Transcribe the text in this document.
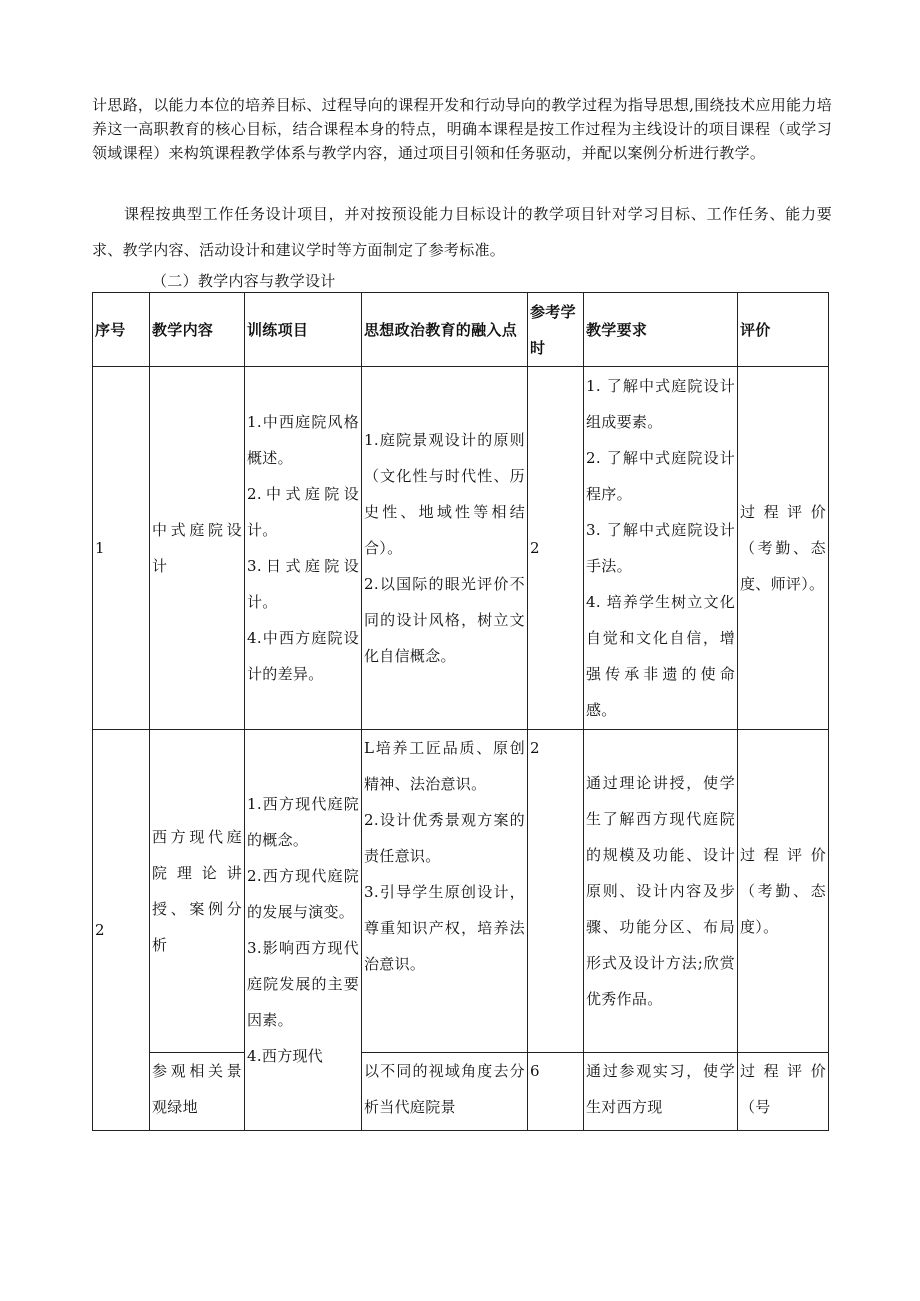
计思路，以能力本位的培养目标、过程导向的课程开发和行动导向的教学过程为指导思想,围绕技术应用能力培养这一高职教育的核心目标，结合课程本身的特点，明确本课程是按工作过程为主线设计的项目课程（或学习领域课程）来构筑课程教学体系与教学内容，通过项目引领和任务驱动，并配以案例分析进行教学。

课程按典型工作任务设计项目，并对按预设能力目标设计的教学项目针对学习目标、工作任务、能力要求、教学内容、活动设计和建议学时等方面制定了参考标准。

（二）教学内容与教学设计
序号	教学内容	训练项目	思想政治教育的融入点	参考学时	教学要求	评价

1	中式庭院设计	1.中西庭院风格概述。
2.中式庭院设计。
3.日式庭院设计。
4.中西方庭院设计的差异。	1.庭院景观设计的原则（文化性与时代性、历史性、地域性等相结合）。
2.以国际的眼光评价不同的设计风格，树立文化自信概念。	2	1. 了解中式庭院设计组成要素。
2. 了解中式庭院设计程序。
3. 了解中式庭院设计手法。
4. 培养学生树立文化自觉和文化自信，增强传承非遗的使命感。	过程评价（考勤、态度、师评）。

2	西方现代庭院理论讲授、案例分析	1.西方现代庭院的概念。
2.西方现代庭院的发展与演变。
3.影响西方现代庭院发展的主要因素。
4.西方现代	L培养工匠品质、原创精神、法治意识。
2.设计优秀景观方案的责任意识。
3.引导学生原创设计，尊重知识产权，培养法治意识。	2	通过理论讲授，使学生了解西方现代庭院的规模及功能、设计原则、设计内容及步骤、功能分区、布局形式及设计方法;欣赏优秀作品。	过程评价（考勤、态度）。

	参观相关景观绿地		以不同的视域角度去分析当代庭院景	6	通过参观实习，使学生对西方现	过程评价（号
